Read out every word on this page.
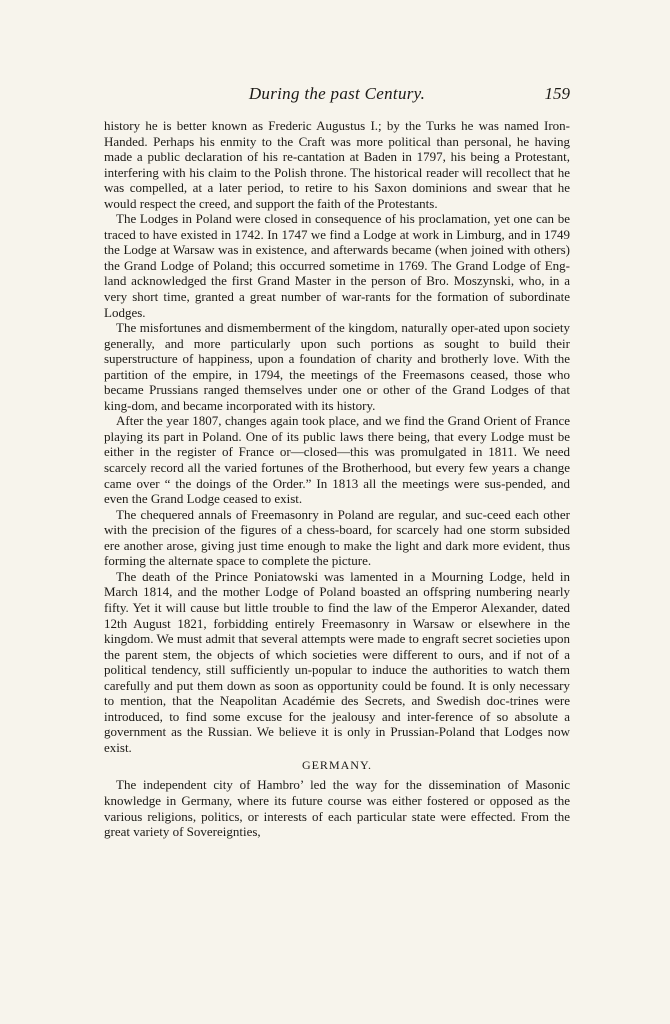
During the past Century.	159

history he is better known as Frederic Augustus I.; by the Turks he was named Iron-Handed. Perhaps his enmity to the Craft was more political than personal, he having made a public declaration of his re-cantation at Baden in 1797, his being a Protestant, interfering with his claim to the Polish throne. The historical reader will recollect that he was compelled, at a later period, to retire to his Saxon dominions and swear that he would respect the creed, and support the faith of the Protestants.

The Lodges in Poland were closed in consequence of his proclamation, yet one can be traced to have existed in 1742. In 1747 we find a Lodge at work in Limburg, and in 1749 the Lodge at Warsaw was in existence, and afterwards became (when joined with others) the Grand Lodge of Poland; this occurred sometime in 1769. The Grand Lodge of Eng-land acknowledged the first Grand Master in the person of Bro. Moszynski, who, in a very short time, granted a great number of war-rants for the formation of subordinate Lodges.

The misfortunes and dismemberment of the kingdom, naturally oper-ated upon society generally, and more particularly upon such portions as sought to build their superstructure of happiness, upon a foundation of charity and brotherly love. With the partition of the empire, in 1794, the meetings of the Freemasons ceased, those who became Prussians ranged themselves under one or other of the Grand Lodges of that king-dom, and became incorporated with its history.

After the year 1807, changes again took place, and we find the Grand Orient of France playing its part in Poland. One of its public laws there being, that every Lodge must be either in the register of France or—closed—this was promulgated in 1811. We need scarcely record all the varied fortunes of the Brotherhood, but every few years a change came over “ the doings of the Order.” In 1813 all the meetings were sus-pended, and even the Grand Lodge ceased to exist.

The chequered annals of Freemasonry in Poland are regular, and suc-ceed each other with the precision of the figures of a chess-board, for scarcely had one storm subsided ere another arose, giving just time enough to make the light and dark more evident, thus forming the alternate space to complete the picture.

The death of the Prince Poniatowski was lamented in a Mourning Lodge, held in March 1814, and the mother Lodge of Poland boasted an offspring numbering nearly fifty. Yet it will cause but little trouble to find the law of the Emperor Alexander, dated 12th August 1821, forbidding entirely Freemasonry in Warsaw or elsewhere in the kingdom. We must admit that several attempts were made to engraft secret societies upon the parent stem, the objects of which societies were different to ours, and if not of a political tendency, still sufficiently un-popular to induce the authorities to watch them carefully and put them down as soon as opportunity could be found. It is only necessary to mention, that the Neapolitan Académie des Secrets, and Swedish doc-trines were introduced, to find some excuse for the jealousy and inter-ference of so absolute a government as the Russian. We believe it is only in Prussian-Poland that Lodges now exist.

GERMANY.

The independent city of Hambro’ led the way for the dissemination of Masonic knowledge in Germany, where its future course was either fostered or opposed as the various religions, politics, or interests of each particular state were effected. From the great variety of Sovereignties,
